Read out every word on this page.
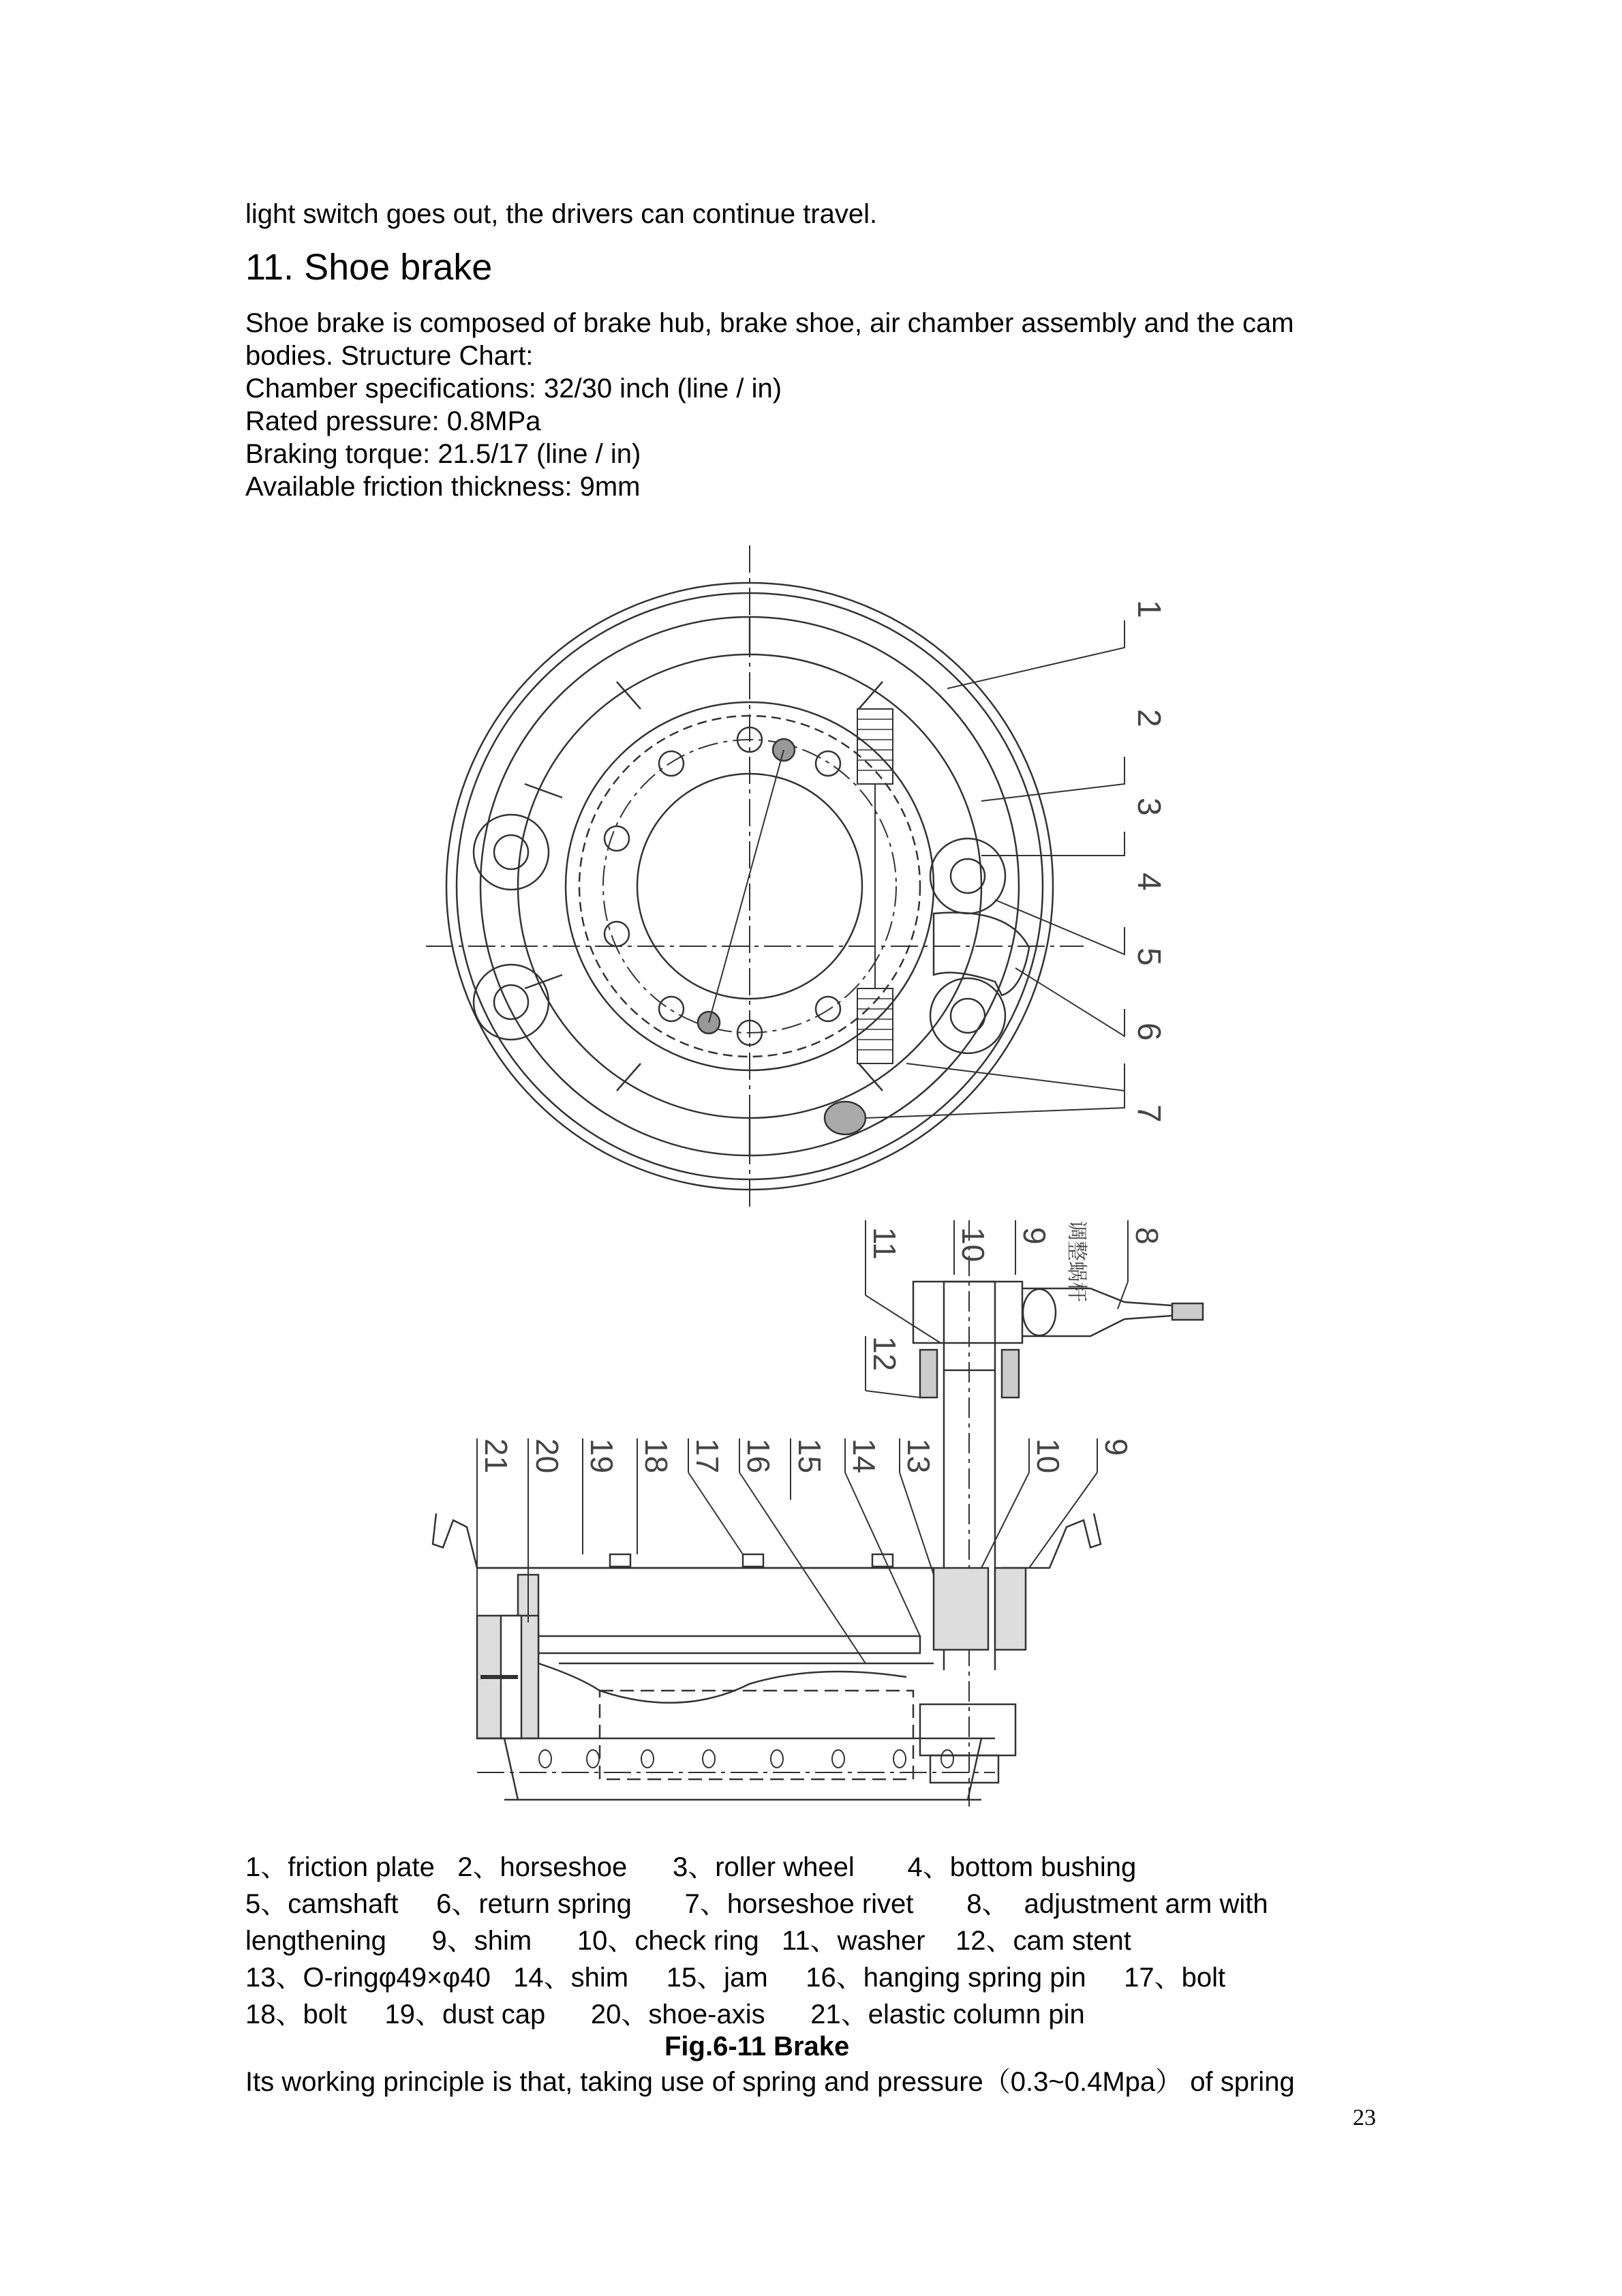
light switch goes out, the drivers can continue travel.
11. Shoe brake
Shoe brake is composed of brake hub, brake shoe, air chamber assembly and the cam
bodies. Structure Chart:
Chamber specifications: 32/30 inch (line / in)
Rated pressure: 0.8MPa
Braking torque: 21.5/17 (line / in)
Available friction thickness: 9mm
1
2
3
4
5
6
7
11 10 9 8
12
调整蜗杆
21 20 19 18 17 16 15 14 13	10 9
1、friction plate   2、horseshoe      3、roller wheel       4、bottom bushing
5、camshaft     6、return spring       7、horseshoe rivet       8、  adjustment arm with
lengthening      9、shim      10、check ring   11、washer    12、cam stent
13、O-ringφ49×φ40   14、shim     15、jam     16、hanging spring pin     17、bolt
18、bolt     19、dust cap      20、shoe-axis      21、elastic column pin
Fig.6-11 Brake
Its working principle is that, taking use of spring and pressure（0.3~0.4Mpa） of spring
23
